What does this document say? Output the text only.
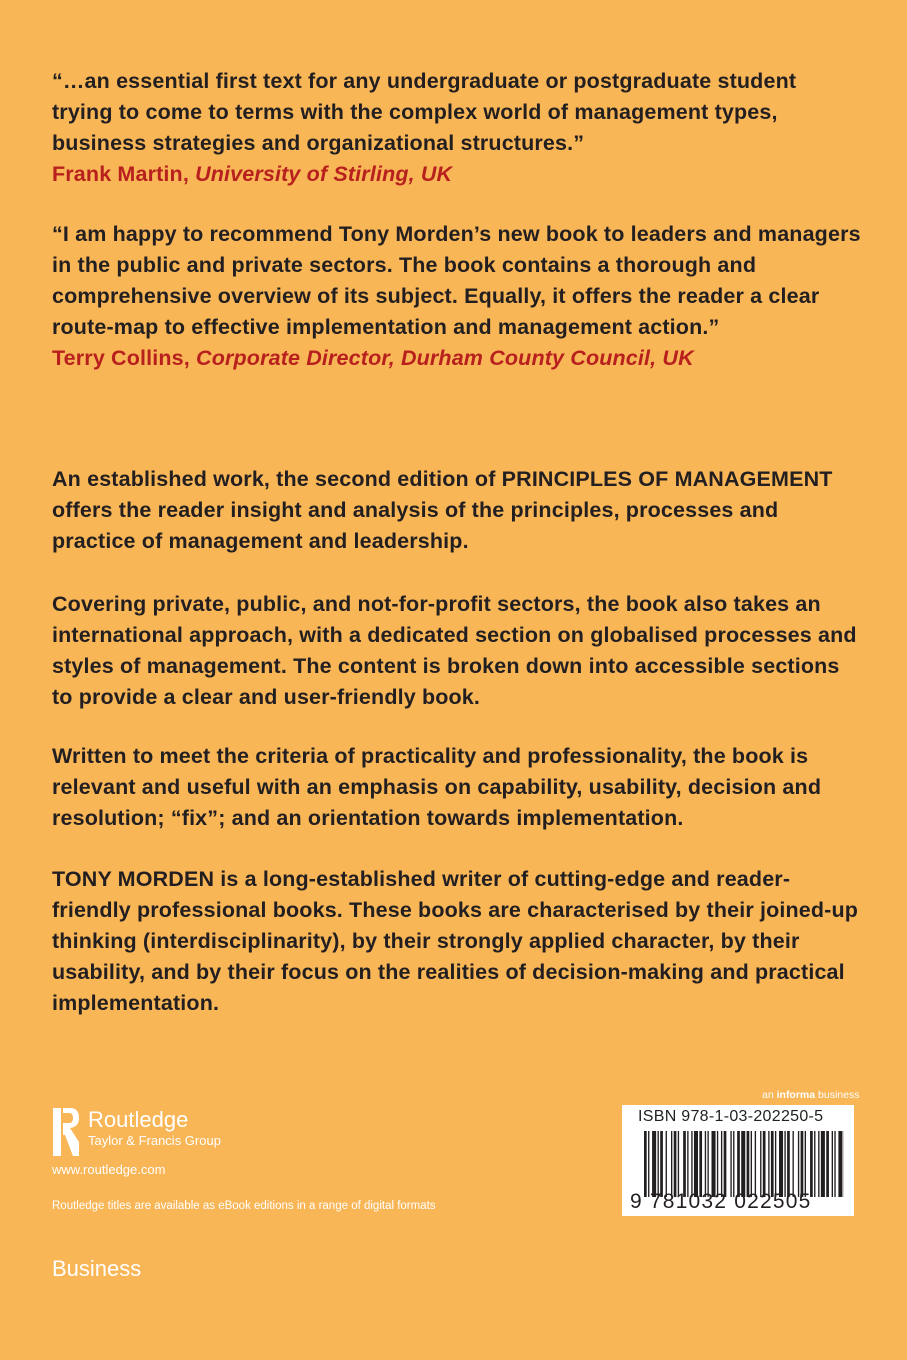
“…an essential first text for any undergraduate or postgraduate student trying to come to terms with the complex world of management types, business strategies and organizational structures.”
Frank Martin, University of Stirling, UK

“I am happy to recommend Tony Morden’s new book to leaders and managers in the public and private sectors. The book contains a thorough and comprehensive overview of its subject. Equally, it offers the reader a clear route-map to effective implementation and management action.”
Terry Collins, Corporate Director, Durham County Council, UK

An established work, the second edition of PRINCIPLES OF MANAGEMENT offers the reader insight and analysis of the principles, processes and practice of management and leadership.

Covering private, public, and not-for-profit sectors, the book also takes an international approach, with a dedicated section on globalised processes and styles of management. The content is broken down into accessible sections to provide a clear and user-friendly book.

Written to meet the criteria of practicality and professionality, the book is relevant and useful with an emphasis on capability, usability, decision and resolution; “fix”; and an orientation towards implementation.

TONY MORDEN is a long-established writer of cutting-edge and reader-friendly professional books. These books are characterised by their joined-up thinking (interdisciplinarity), by their strongly applied character, by their usability, and by their focus on the realities of decision-making and practical implementation.

Routledge
Taylor & Francis Group
www.routledge.com
Routledge titles are available as eBook editions in a range of digital formats
Business
an informa business
ISBN 978-1-03-202250-5
9 781032 022505
